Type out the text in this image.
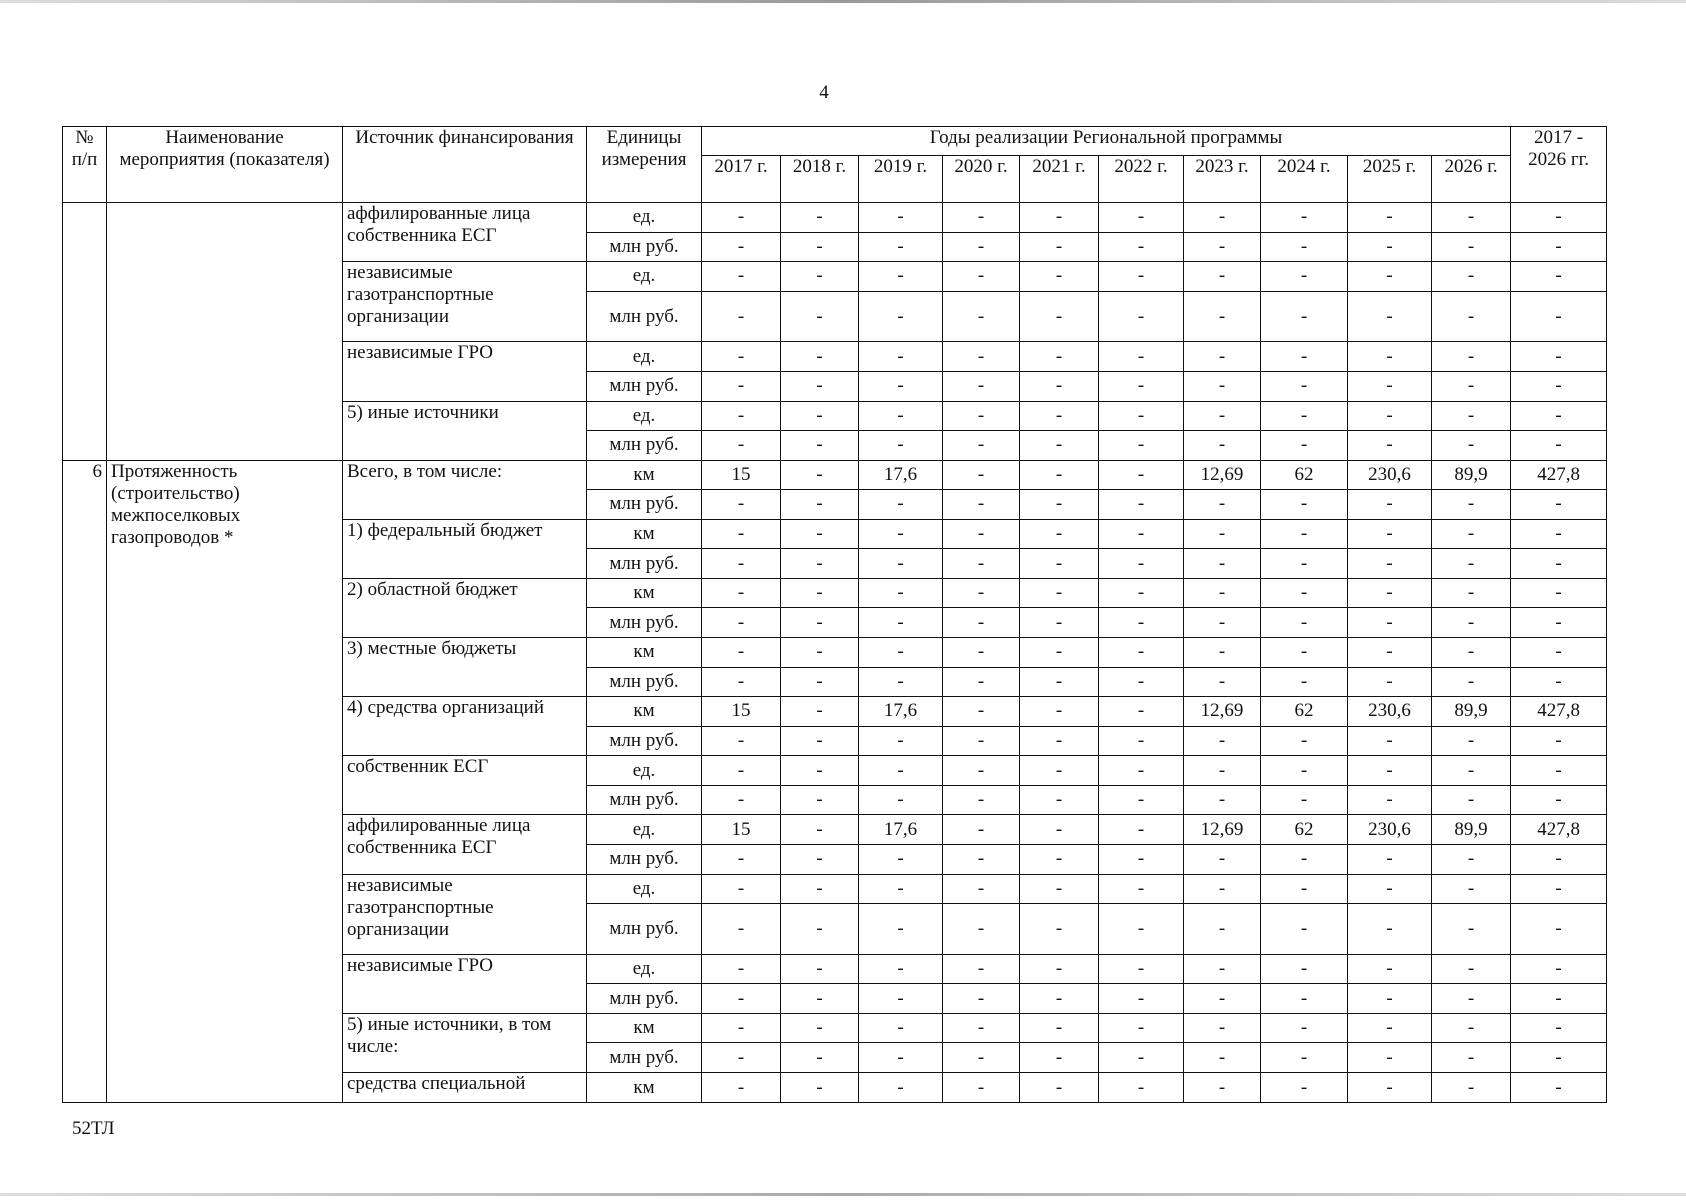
4
№ п/п	Наименование мероприятия (показателя)	Источник финансирования	Единицы измерения	Годы реализации Региональной программы										2017 - 2026 гг.
				2017 г.	2018 г.	2019 г.	2020 г.	2021 г.	2022 г.	2023 г.	2024 г.	2025 г.	2026 г.	
		аффилированные лица собственника ЕСГ	ед.	-	-	-	-	-	-	-	-	-	-	-
			млн руб.	-	-	-	-	-	-	-	-	-	-	-
		независимые газотранспортные организации	ед.	-	-	-	-	-	-	-	-	-	-	-
			млн руб.	-	-	-	-	-	-	-	-	-	-	-
		независимые ГРО	ед.	-	-	-	-	-	-	-	-	-	-	-
			млн руб.	-	-	-	-	-	-	-	-	-	-	-
		5) иные источники	ед.	-	-	-	-	-	-	-	-	-	-	-
			млн руб.	-	-	-	-	-	-	-	-	-	-	-
6	Протяженность (строительство) межпоселковых газопроводов *	Всего, в том числе:	км	15	-	17,6	-	-	-	12,69	62	230,6	89,9	427,8
			млн руб.	-	-	-	-	-	-	-	-	-	-	-
		1) федеральный бюджет	км	-	-	-	-	-	-	-	-	-	-	-
			млн руб.	-	-	-	-	-	-	-	-	-	-	-
		2) областной бюджет	км	-	-	-	-	-	-	-	-	-	-	-
			млн руб.	-	-	-	-	-	-	-	-	-	-	-
		3) местные бюджеты	км	-	-	-	-	-	-	-	-	-	-	-
			млн руб.	-	-	-	-	-	-	-	-	-	-	-
		4) средства организаций	км	15	-	17,6	-	-	-	12,69	62	230,6	89,9	427,8
			млн руб.	-	-	-	-	-	-	-	-	-	-	-
		собственник ЕСГ	ед.	-	-	-	-	-	-	-	-	-	-	-
			млн руб.	-	-	-	-	-	-	-	-	-	-	-
		аффилированные лица собственника ЕСГ	ед.	15	-	17,6	-	-	-	12,69	62	230,6	89,9	427,8
			млн руб.	-	-	-	-	-	-	-	-	-	-	-
		независимые газотранспортные организации	ед.	-	-	-	-	-	-	-	-	-	-	-
			млн руб.	-	-	-	-	-	-	-	-	-	-	-
		независимые ГРО	ед.	-	-	-	-	-	-	-	-	-	-	-
			млн руб.	-	-	-	-	-	-	-	-	-	-	-
		5) иные источники, в том числе:	км	-	-	-	-	-	-	-	-	-	-	-
			млн руб.	-	-	-	-	-	-	-	-	-	-	-
		средства специальной	км	-	-	-	-	-	-	-	-	-	-	-
52ТЛ
